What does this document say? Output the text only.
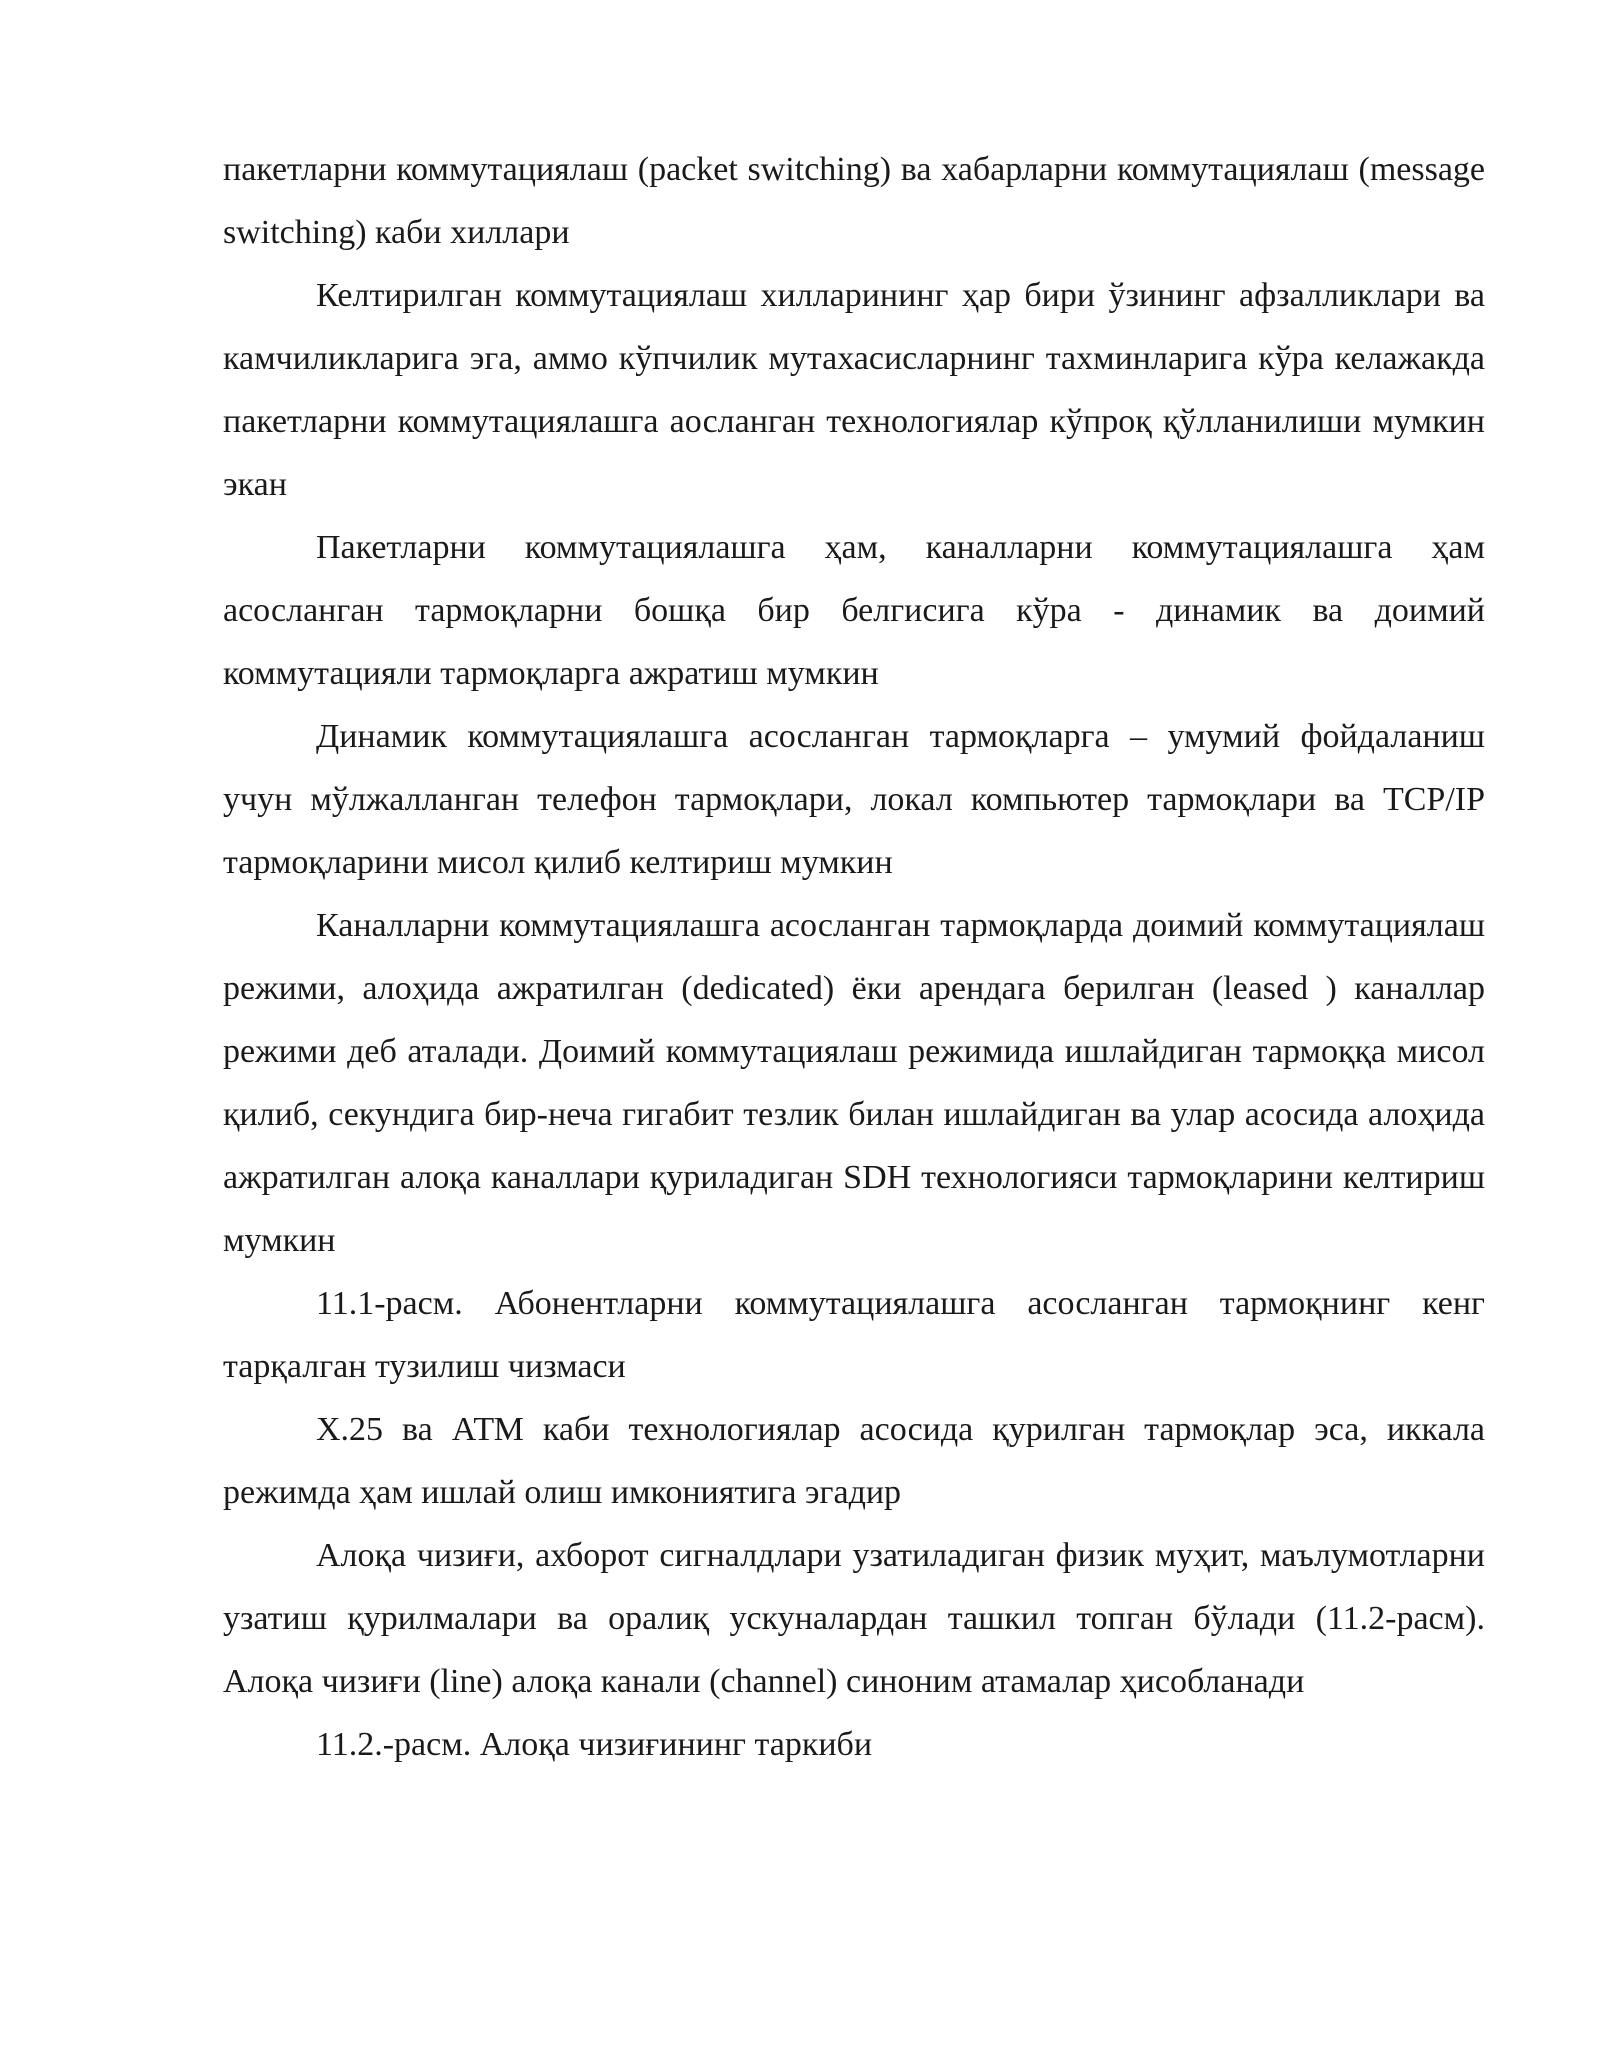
пакетларни коммутациялаш (packet switching) ва хабарларни коммутациялаш (message switching) каби хиллари

Келтирилган коммутациялаш хилларининг ҳар бири ўзининг афзалликлари ва камчиликларига эга, аммо кўпчилик мутахасисларнинг тахминларига кўра келажакда пакетларни коммутациялашга аосланган технологиялар кўпроқ қўлланилиши мумкин экан

Пакетларни коммутациялашга ҳам, каналларни коммутациялашга ҳам асосланган тармоқларни бошқа бир белгисига кўра - динамик ва доимий коммутацияли тармоқларга ажратиш мумкин

Динамик коммутациялашга асосланган тармоқларга – умумий фойдаланиш учун мўлжалланган телефон тармоқлари, локал компьютер тармоқлари ва TCP/IP тармоқларини мисол қилиб келтириш мумкин

Каналларни коммутациялашга асосланган тармоқларда доимий коммутациялаш режими, алоҳида ажратилган (dedicated) ёки арендага берилган (leased ) каналлар режими деб аталади. Доимий коммутациялаш режимида ишлайдиган тармоққа мисол қилиб, секундига бир-неча гигабит тезлик билан ишлайдиган ва улар асосида алоҳида ажратилган алоқа каналлари қуриладиган SDH технологияси тармоқларини келтириш мумкин

11.1-расм. Абонентларни коммутациялашга асосланган тармоқнинг кенг тарқалган тузилиш чизмаси

X.25 ва АТМ каби технологиялар асосида қурилган тармоқлар эса, иккала режимда ҳам ишлай олиш имкониятига эгадир

Алоқа чизиғи, ахборот сигналдлари узатиладиган физик муҳит, маълумотларни узатиш қурилмалари ва оралиқ ускуналардан ташкил топган бўлади (11.2-расм). Алоқа чизиғи (line) алоқа канали (channel) синоним атамалар ҳисобланади

11.2.-расм. Алоқа чизиғининг таркиби
